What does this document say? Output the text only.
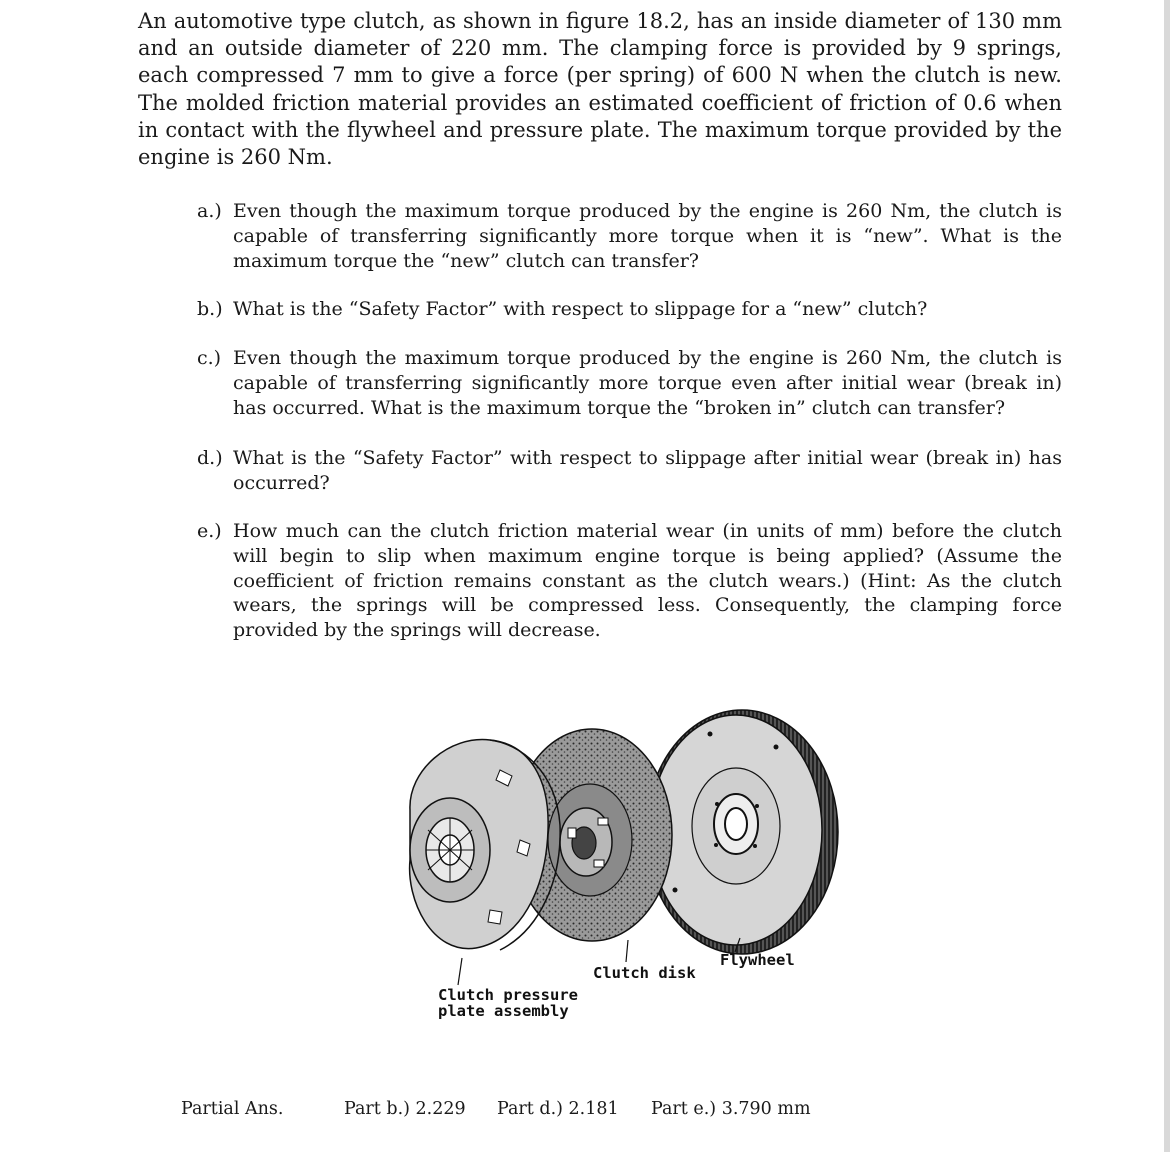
An automotive type clutch, as shown in figure 18.2, has an inside diameter of 130 mm and an outside diameter of 220 mm. The clamping force is provided by 9 springs, each compressed 7 mm to give a force (per spring) of 600 N when the clutch is new. The molded friction material provides an estimated coefficient of friction of 0.6 when in contact with the flywheel and pressure plate. The maximum torque provided by the engine is 260 Nm.

a.) Even though the maximum torque produced by the engine is 260 Nm, the clutch is capable of transferring significantly more torque when it is “new”. What is the maximum torque the “new” clutch can transfer?
b.) What is the “Safety Factor” with respect to slippage for a “new” clutch?
c.) Even though the maximum torque produced by the engine is 260 Nm, the clutch is capable of transferring significantly more torque even after initial wear (break in) has occurred. What is the maximum torque the “broken in” clutch can transfer?
d.) What is the “Safety Factor” with respect to slippage after initial wear (break in) has occurred?
e.) How much can the clutch friction material wear (in units of mm) before the clutch will begin to slip when maximum engine torque is being applied? (Assume the coefficient of friction remains constant as the clutch wears.) (Hint: As the clutch wears, the springs will be compressed less. Consequently, the clamping force provided by the springs will decrease.
Clutch pressure
plate assembly
Clutch disk
Flywheel
Partial Ans.	Part b.) 2.229 Part d.) 2.181 Part e.) 3.790 mm
